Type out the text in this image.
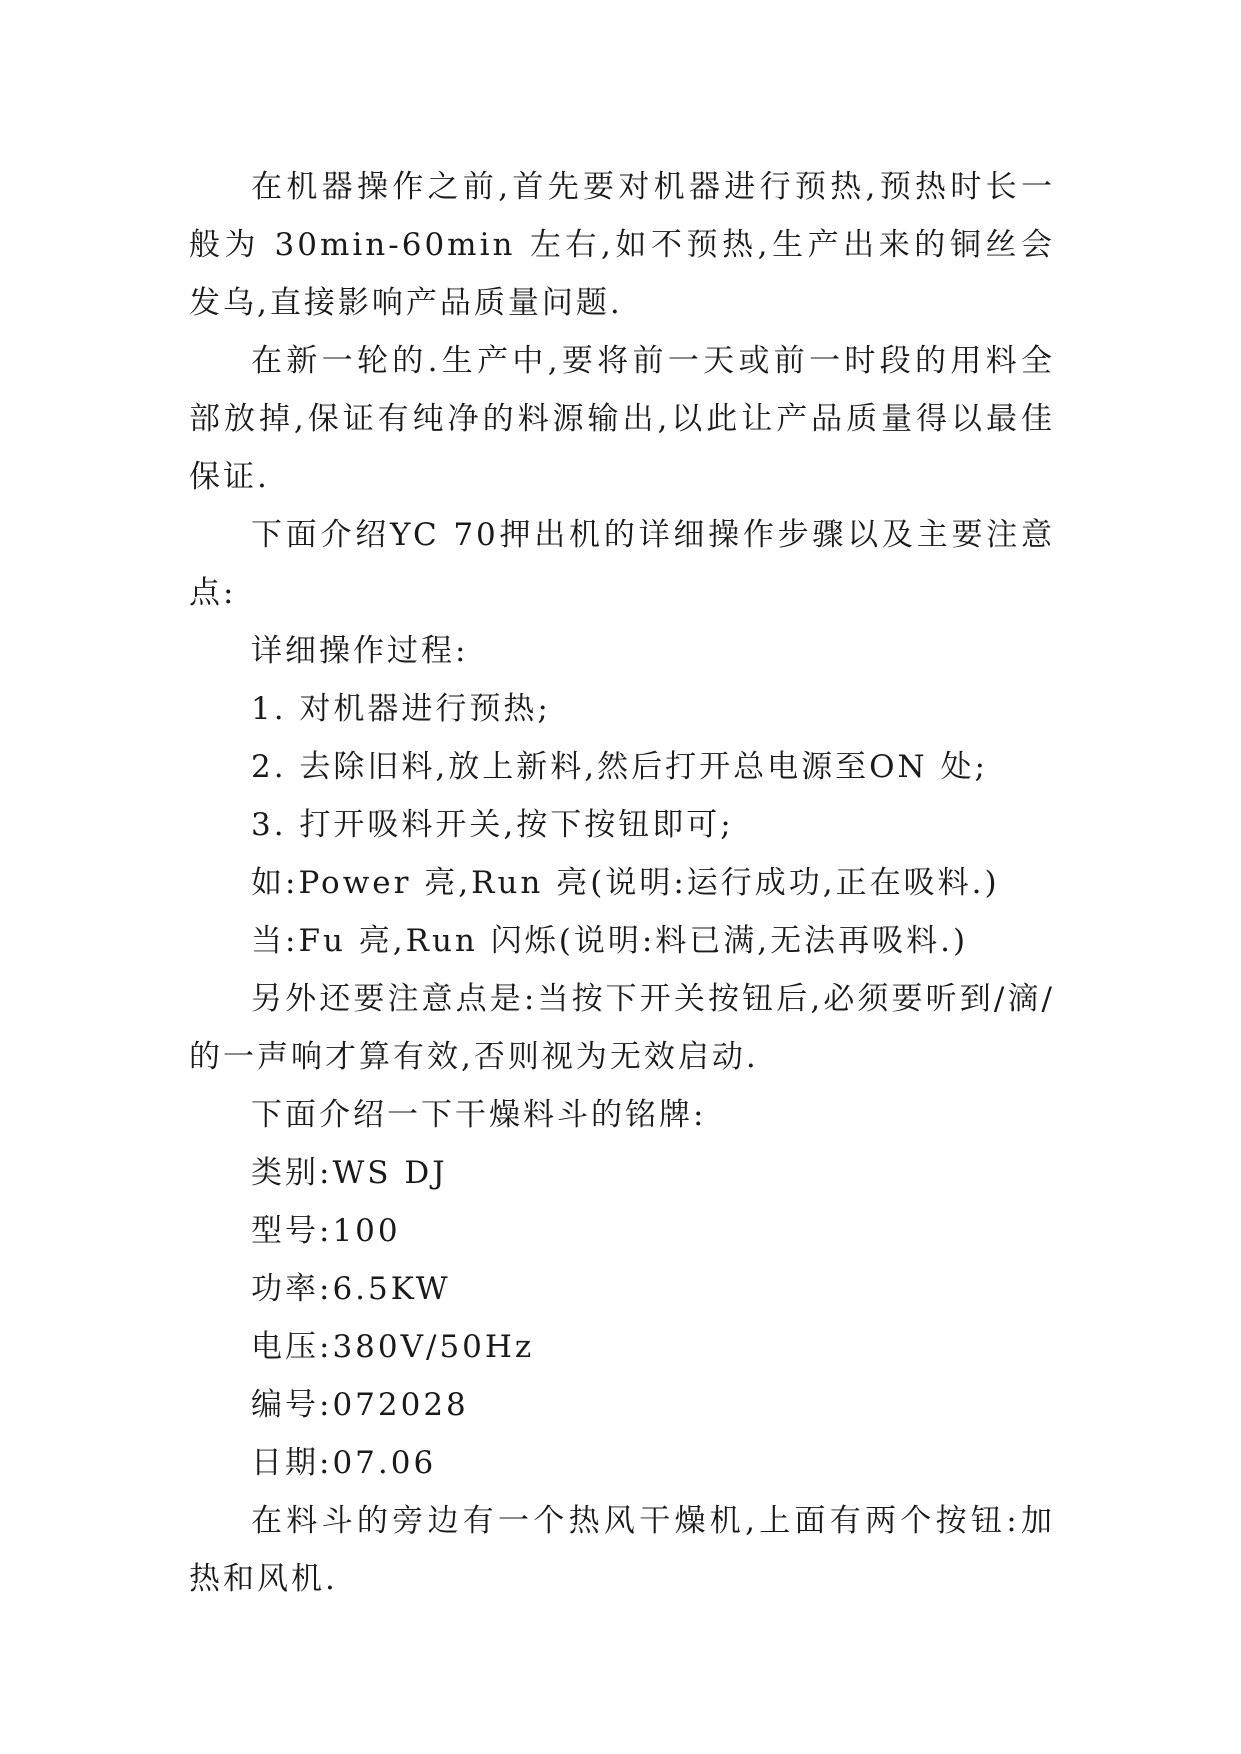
在机器操作之前,首先要对机器进行预热,预热时长一般为 30min-60min 左右,如不预热,生产出来的铜丝会发乌,直接影响产品质量问题.

在新一轮的.生产中,要将前一天或前一时段的用料全部放掉,保证有纯净的料源输出,以此让产品质量得以最佳保证.

下面介绍YC 70押出机的详细操作步骤以及主要注意点:

详细操作过程:

1. 对机器进行预热;

2. 去除旧料,放上新料,然后打开总电源至ON 处;

3. 打开吸料开关,按下按钮即可;

如:Power 亮,Run 亮(说明:运行成功,正在吸料.)

当:Fu 亮,Run 闪烁(说明:料已满,无法再吸料.)

另外还要注意点是:当按下开关按钮后,必须要听到/滴/的一声响才算有效,否则视为无效启动.

下面介绍一下干燥料斗的铭牌:

类别:WS DJ

型号:100

功率:6.5KW

电压:380V/50Hz

编号:072028

日期:07.06

在料斗的旁边有一个热风干燥机,上面有两个按钮:加热和风机.
